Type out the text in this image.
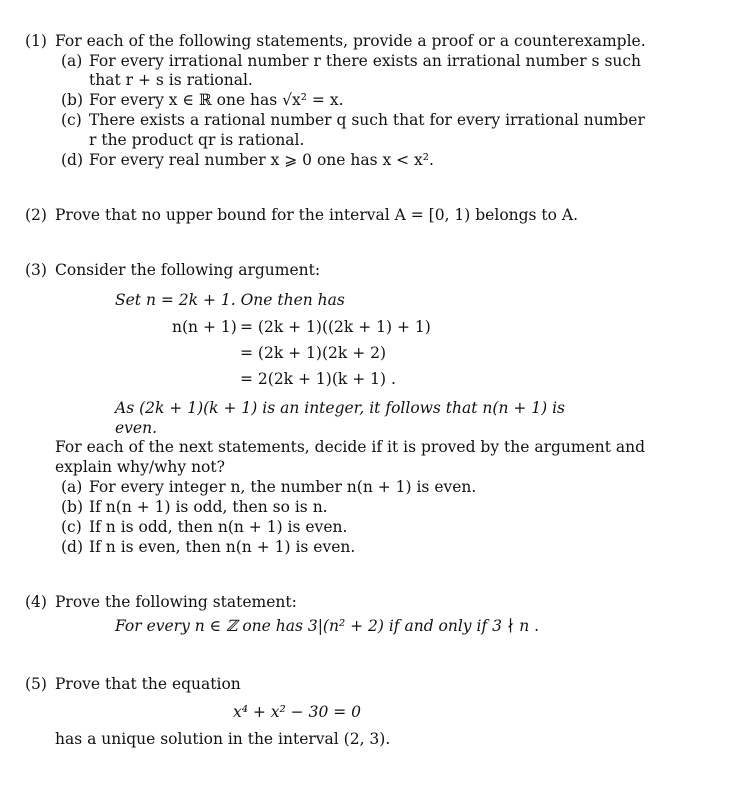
(1) For each of the following statements, provide a proof or a counterexample.
(a) For every irrational number r there exists an irrational number s such
that r + s is rational.
(b) For every x ∈ ℝ one has √x² = x.
(c) There exists a rational number q such that for every irrational number
r the product qr is rational.
(d) For every real number x ⩾ 0 one has x < x².
(2) Prove that no upper bound for the interval A = [0, 1) belongs to A.
(3) Consider the following argument:
Set n = 2k + 1. One then has
n(n + 1) = (2k + 1)((2k + 1) + 1)
= (2k + 1)(2k + 2)
= 2(2k + 1)(k + 1) .
As (2k + 1)(k + 1) is an integer, it follows that n(n + 1) is
even.
For each of the next statements, decide if it is proved by the argument and
explain why/why not?
(a) For every integer n, the number n(n + 1) is even.
(b) If n(n + 1) is odd, then so is n.
(c) If n is odd, then n(n + 1) is even.
(d) If n is even, then n(n + 1) is even.
(4) Prove the following statement:
For every n ∈ ℤ one has 3|(n² + 2) if and only if 3 ∤ n .
(5) Prove that the equation
x⁴ + x² − 30 = 0
has a unique solution in the interval (2, 3).
